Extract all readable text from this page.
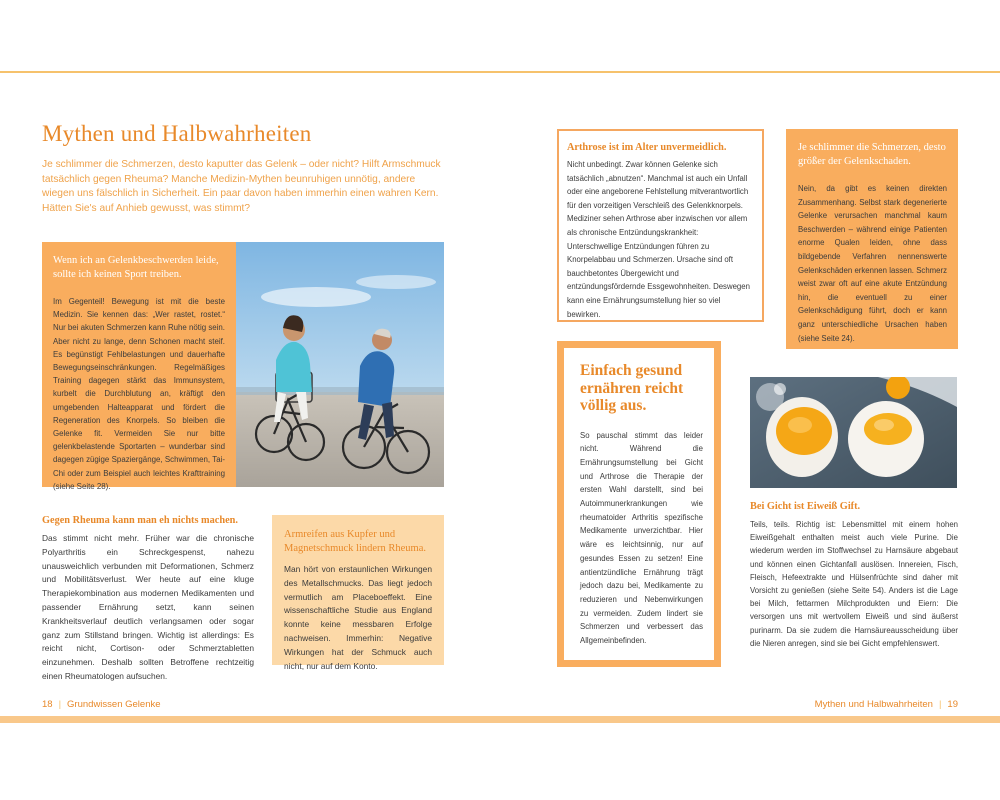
Mythen und Halbwahrheiten

Je schlimmer die Schmerzen, desto kaputter das Gelenk – oder nicht? Hilft Armschmuck tatsächlich gegen Rheuma? Manche Medizin-Mythen beunruhigen unnötig, andere wiegen uns fälschlich in Sicherheit. Ein paar davon haben immerhin einen wahren Kern. Hätten Sie's auf Anhieb gewusst, was stimmt?

Wenn ich an Gelenkbeschwerden leide, sollte ich keinen Sport treiben.
Im Gegenteil! Bewegung ist mit die beste Medizin. Sie kennen das: „Wer rastet, rostet.“ Nur bei akuten Schmerzen kann Ruhe nötig sein. Aber nicht zu lange, denn Schonen macht steif. Es begünstigt Fehlbelastungen und dauerhafte Bewegungseinschränkungen. Regelmäßiges Training dagegen stärkt das Immunsystem, kurbelt die Durchblutung an, kräftigt den umgebenden Halteapparat und fördert die Regeneration des Knorpels. So bleiben die Gelenke fit. Vermeiden Sie nur bitte gelenkbelastende Sportarten – wunderbar sind dagegen zügige Spaziergänge, Schwimmen, Tai-Chi oder zum Beispiel auch leichtes Krafttraining (siehe Seite 28).
Gegen Rheuma kann man eh nichts machen.
Das stimmt nicht mehr. Früher war die chronische Polyarthritis ein Schreckgespenst, nahezu unausweichlich verbunden mit Deformationen, Schmerz und Mobilitätsverlust. Wer heute auf eine kluge Therapiekombination aus modernen Medikamenten und passender Ernährung setzt, kann seinen Krankheitsverlauf deutlich verlangsamen oder sogar ganz zum Stillstand bringen. Wichtig ist allerdings: Es reicht nicht, Cortison- oder Schmerztabletten einzunehmen. Deshalb sollten Betroffene rechtzeitig einen Rheumatologen aufsuchen.
Armreifen aus Kupfer und Magnetschmuck lindern Rheuma.
Man hört von erstaunlichen Wirkungen des Metallschmucks. Das liegt jedoch vermutlich am Placeboeffekt. Eine wissenschaftliche Studie aus England konnte keine messbaren Erfolge nachweisen. Immerhin: Negative Wirkungen hat der Schmuck auch nicht, nur auf dem Konto.
18 | Grundwissen Gelenke
Arthrose ist im Alter unvermeidlich.
Nicht unbedingt. Zwar können Gelenke sich tatsächlich „abnutzen“. Manchmal ist auch ein Unfall oder eine angeborene Fehlstellung mitverantwortlich für den vorzeitigen Verschleiß des Gelenkknorpels. Mediziner sehen Arthrose aber inzwischen vor allem als chronische Entzündungskrankheit: Unterschwellige Entzündungen führen zu Knorpelabbau und Schmerzen. Ursache sind oft bauchbetontes Übergewicht und entzündungsfördernde Essgewohnheiten. Deswegen kann eine Ernährungsumstellung hier so viel bewirken.
Je schlimmer die Schmerzen, desto größer der Gelenkschaden.
Nein, da gibt es keinen direkten Zusammenhang. Selbst stark degenerierte Gelenke verursachen manchmal kaum Beschwerden – während einige Patienten enorme Qualen leiden, ohne dass bildgebende Verfahren nennenswerte Gelenkschäden erkennen lassen. Schmerz weist zwar oft auf eine akute Entzündung hin, die eventuell zu einer Gelenkschädigung führt, doch er kann ganz unterschiedliche Ursachen haben (siehe Seite 24).
Einfach gesund ernähren reicht völlig aus.
So pauschal stimmt das leider nicht. Während die Ernährungsumstellung bei Gicht und Arthrose die Therapie der ersten Wahl darstellt, sind bei Autoimmunerkrankungen wie rheumatoider Arthritis spezifische Medikamente unverzichtbar. Hier wäre es leichtsinnig, nur auf gesundes Essen zu setzen! Eine antientzündliche Ernährung trägt jedoch dazu bei, Medikamente zu reduzieren und Nebenwirkungen zu vermeiden. Zudem lindert sie Schmerzen und verbessert das Allgemeinbefinden.
Bei Gicht ist Eiweiß Gift.
Teils, teils. Richtig ist: Lebensmittel mit einem hohen Eiweißgehalt enthalten meist auch viele Purine. Die wiederum werden im Stoffwechsel zu Harnsäure abgebaut und können einen Gichtanfall auslösen. Innereien, Fisch, Fleisch, Hefeextrakte und Hülsenfrüchte sind daher mit Vorsicht zu genießen (siehe Seite 54). Anders ist die Lage bei Milch, fettarmen Milchprodukten und Eiern: Die versorgen uns mit wertvollem Eiweiß und sind äußerst purinarm. Da sie zudem die Harnsäureausscheidung über die Nieren anregen, sind sie bei Gicht empfehlenswert.
Mythen und Halbwahrheiten | 19
